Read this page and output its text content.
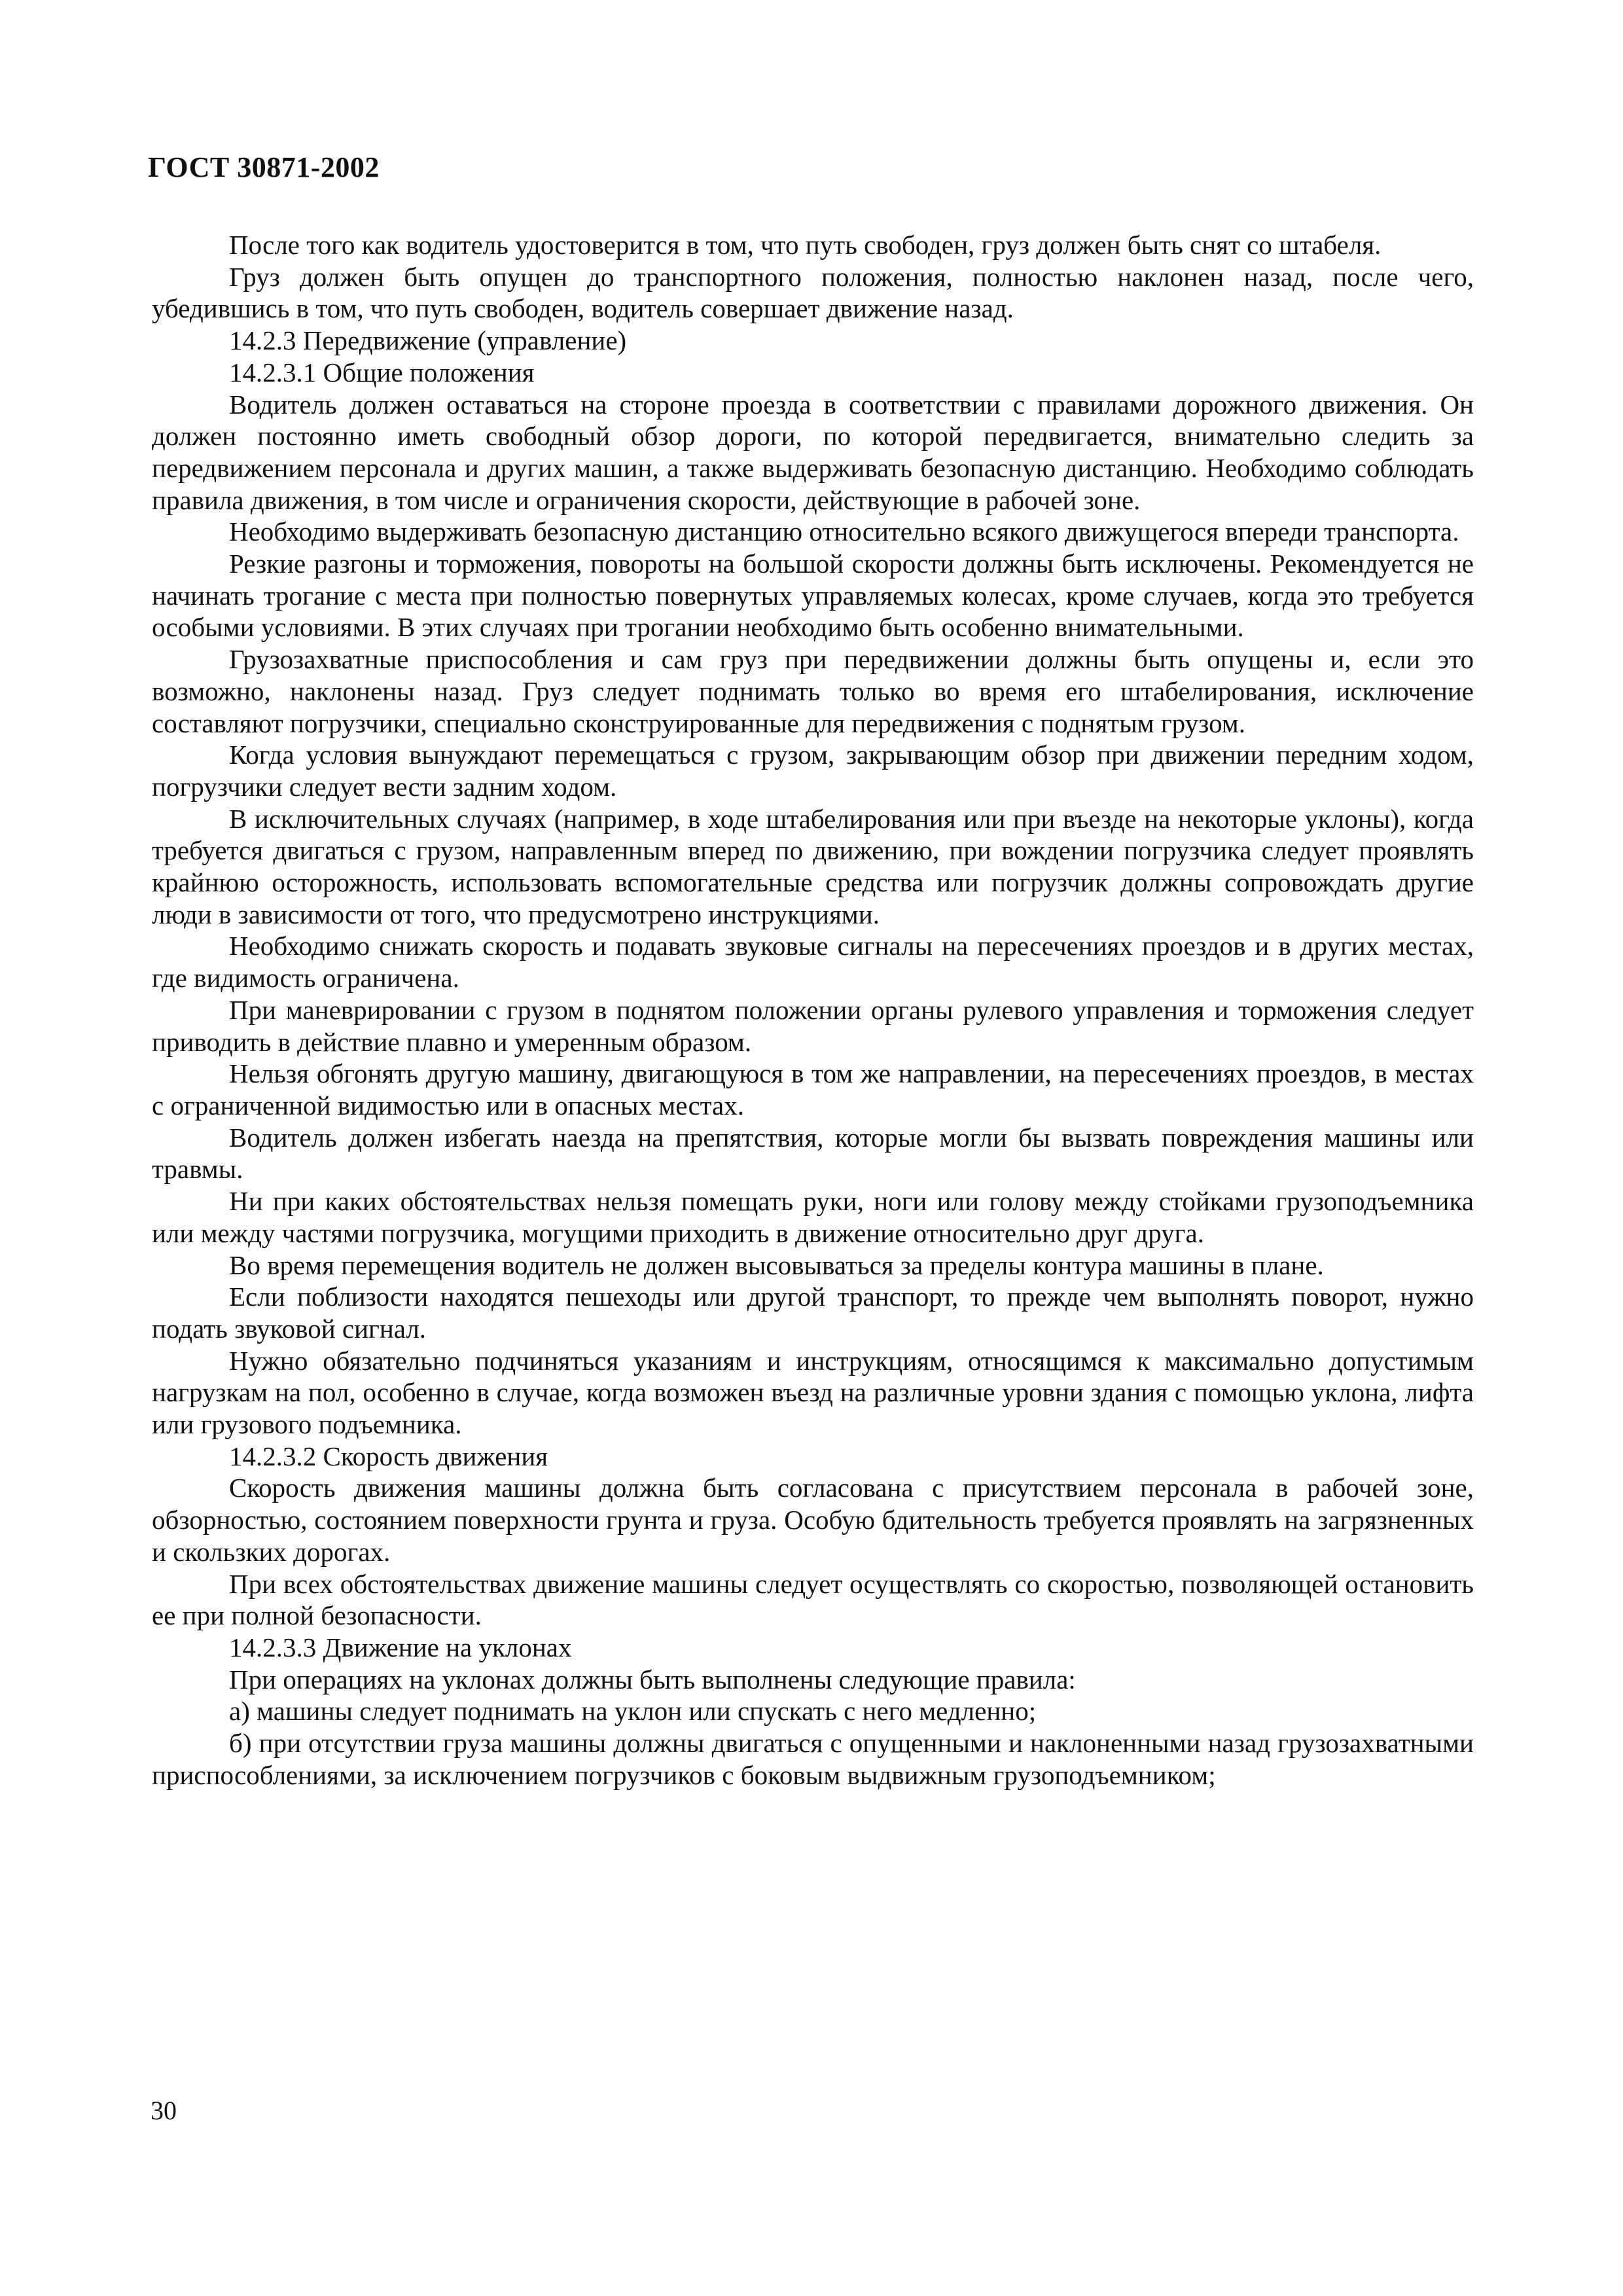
ГОСТ 30871-2002

После того как водитель удостоверится в том, что путь свободен, груз должен быть снят со штабеля.

Груз должен быть опущен до транспортного положения, полностью наклонен назад, после чего, убедившись в том, что путь свободен, водитель совершает движение назад.

14.2.3 Передвижение (управление)

14.2.3.1 Общие положения

Водитель должен оставаться на стороне проезда в соответствии с правилами дорожного движения. Он должен постоянно иметь свободный обзор дороги, по которой передвигается, внимательно следить за передвижением персонала и других машин, а также выдерживать безопасную дистанцию. Необходимо соблюдать правила движения, в том числе и ограничения скорости, действующие в рабочей зоне.

Необходимо выдерживать безопасную дистанцию относительно всякого движущегося впереди транспорта.

Резкие разгоны и торможения, повороты на большой скорости должны быть исключены. Рекомендуется не начинать трогание с места при полностью повернутых управляемых колесах, кроме случаев, когда это требуется особыми условиями. В этих случаях при трогании необходимо быть особенно внимательными.

Грузозахватные приспособления и сам груз при передвижении должны быть опущены и, если это возможно, наклонены назад. Груз следует поднимать только во время его штабелирования, исключение составляют погрузчики, специально сконструированные для передвижения с поднятым грузом.

Когда условия вынуждают перемещаться с грузом, закрывающим обзор при движении передним ходом, погрузчики следует вести задним ходом.

В исключительных случаях (например, в ходе штабелирования или при въезде на некоторые уклоны), когда требуется двигаться с грузом, направленным вперед по движению, при вождении погрузчика следует проявлять крайнюю осторожность, использовать вспомогательные средства или погрузчик должны сопровождать другие люди в зависимости от того, что предусмотрено инструкциями.

Необходимо снижать скорость и подавать звуковые сигналы на пересечениях проездов и в других местах, где видимость ограничена.

При маневрировании с грузом в поднятом положении органы рулевого управления и торможения следует приводить в действие плавно и умеренным образом.

Нельзя обгонять другую машину, двигающуюся в том же направлении, на пересечениях проездов, в местах с ограниченной видимостью или в опасных местах.

Водитель должен избегать наезда на препятствия, которые могли бы вызвать повреждения машины или травмы.

Ни при каких обстоятельствах нельзя помещать руки, ноги или голову между стойками грузоподъемника или между частями погрузчика, могущими приходить в движение относительно друг друга.

Во время перемещения водитель не должен высовываться за пределы контура машины в плане.

Если поблизости находятся пешеходы или другой транспорт, то прежде чем выполнять поворот, нужно подать звуковой сигнал.

Нужно обязательно подчиняться указаниям и инструкциям, относящимся к максимально допустимым нагрузкам на пол, особенно в случае, когда возможен въезд на различные уровни здания с помощью уклона, лифта или грузового подъемника.

14.2.3.2 Скорость движения

Скорость движения машины должна быть согласована с присутствием персонала в рабочей зоне, обзорностью, состоянием поверхности грунта и груза. Особую бдительность требуется проявлять на загрязненных и скользких дорогах.

При всех обстоятельствах движение машины следует осуществлять со скоростью, позволяющей остановить ее при полной безопасности.

14.2.3.3 Движение на уклонах

При операциях на уклонах должны быть выполнены следующие правила:

а) машины следует поднимать на уклон или спускать с него медленно;

б) при отсутствии груза машины должны двигаться с опущенными и наклоненными назад грузозахватными приспособлениями, за исключением погрузчиков с боковым выдвижным грузоподъемником;

30
